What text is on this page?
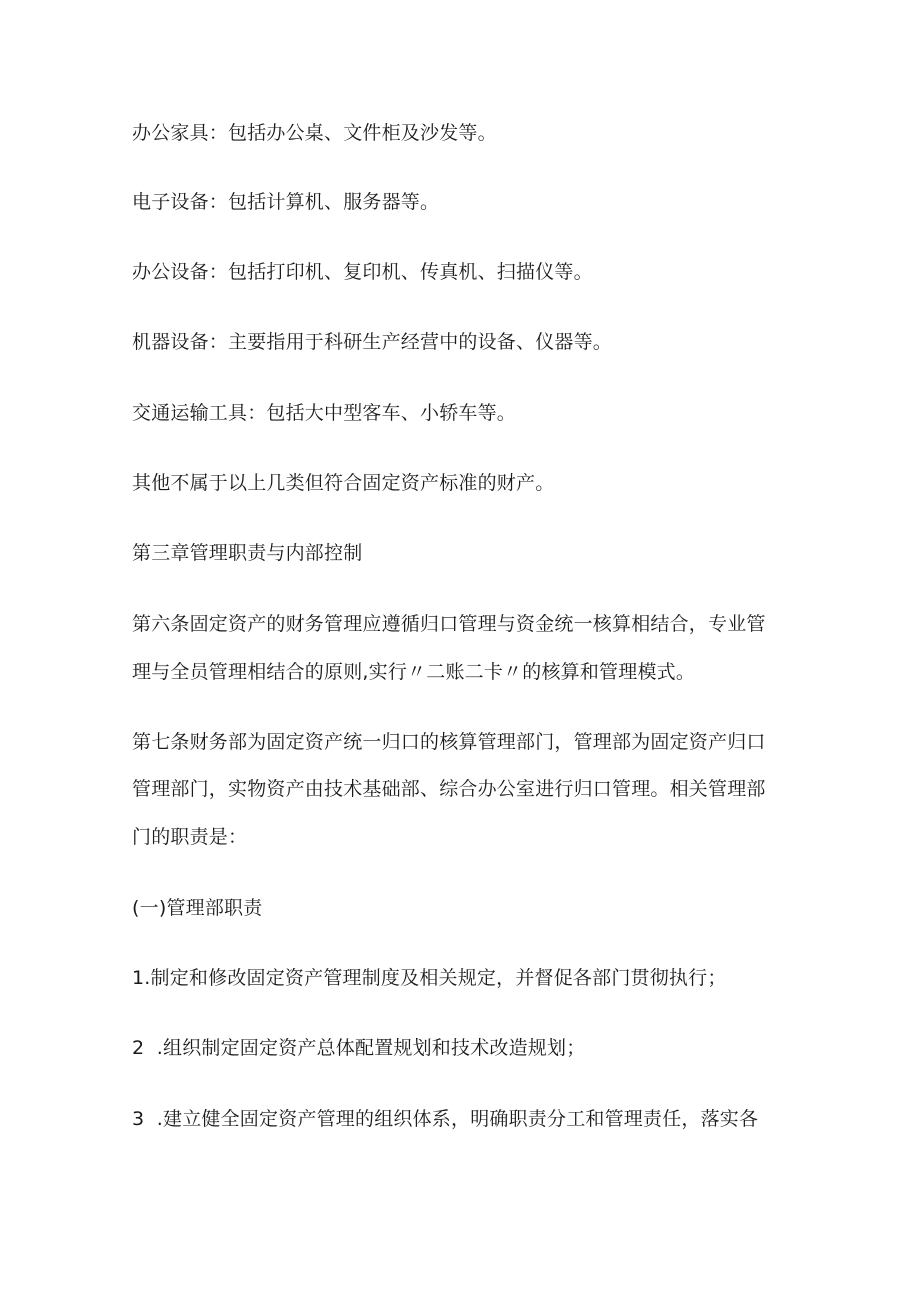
办公家具：包括办公桌、文件柜及沙发等。
电子设备：包括计算机、服务器等。
办公设备：包括打印机、复印机、传真机、扫描仪等。
机器设备：主要指用于科研生产经营中的设备、仪器等。
交通运输工具：包括大中型客车、小轿车等。
其他不属于以上几类但符合固定资产标准的财产。
第三章管理职责与内部控制
第六条固定资产的财务管理应遵循归口管理与资金统一核算相结合，专业管
理与全员管理相结合的原则,实行〃二账二卡〃的核算和管理模式。
第七条财务部为固定资产统一归口的核算管理部门，管理部为固定资产归口
管理部门，实物资产由技术基础部、综合办公室进行归口管理。相关管理部
门的职责是：
(一)管理部职责
1.制定和修改固定资产管理制度及相关规定，并督促各部门贯彻执行；
2  .组织制定固定资产总体配置规划和技术改造规划；
3  .建立健全固定资产管理的组织体系，明确职责分工和管理责任，落实各
